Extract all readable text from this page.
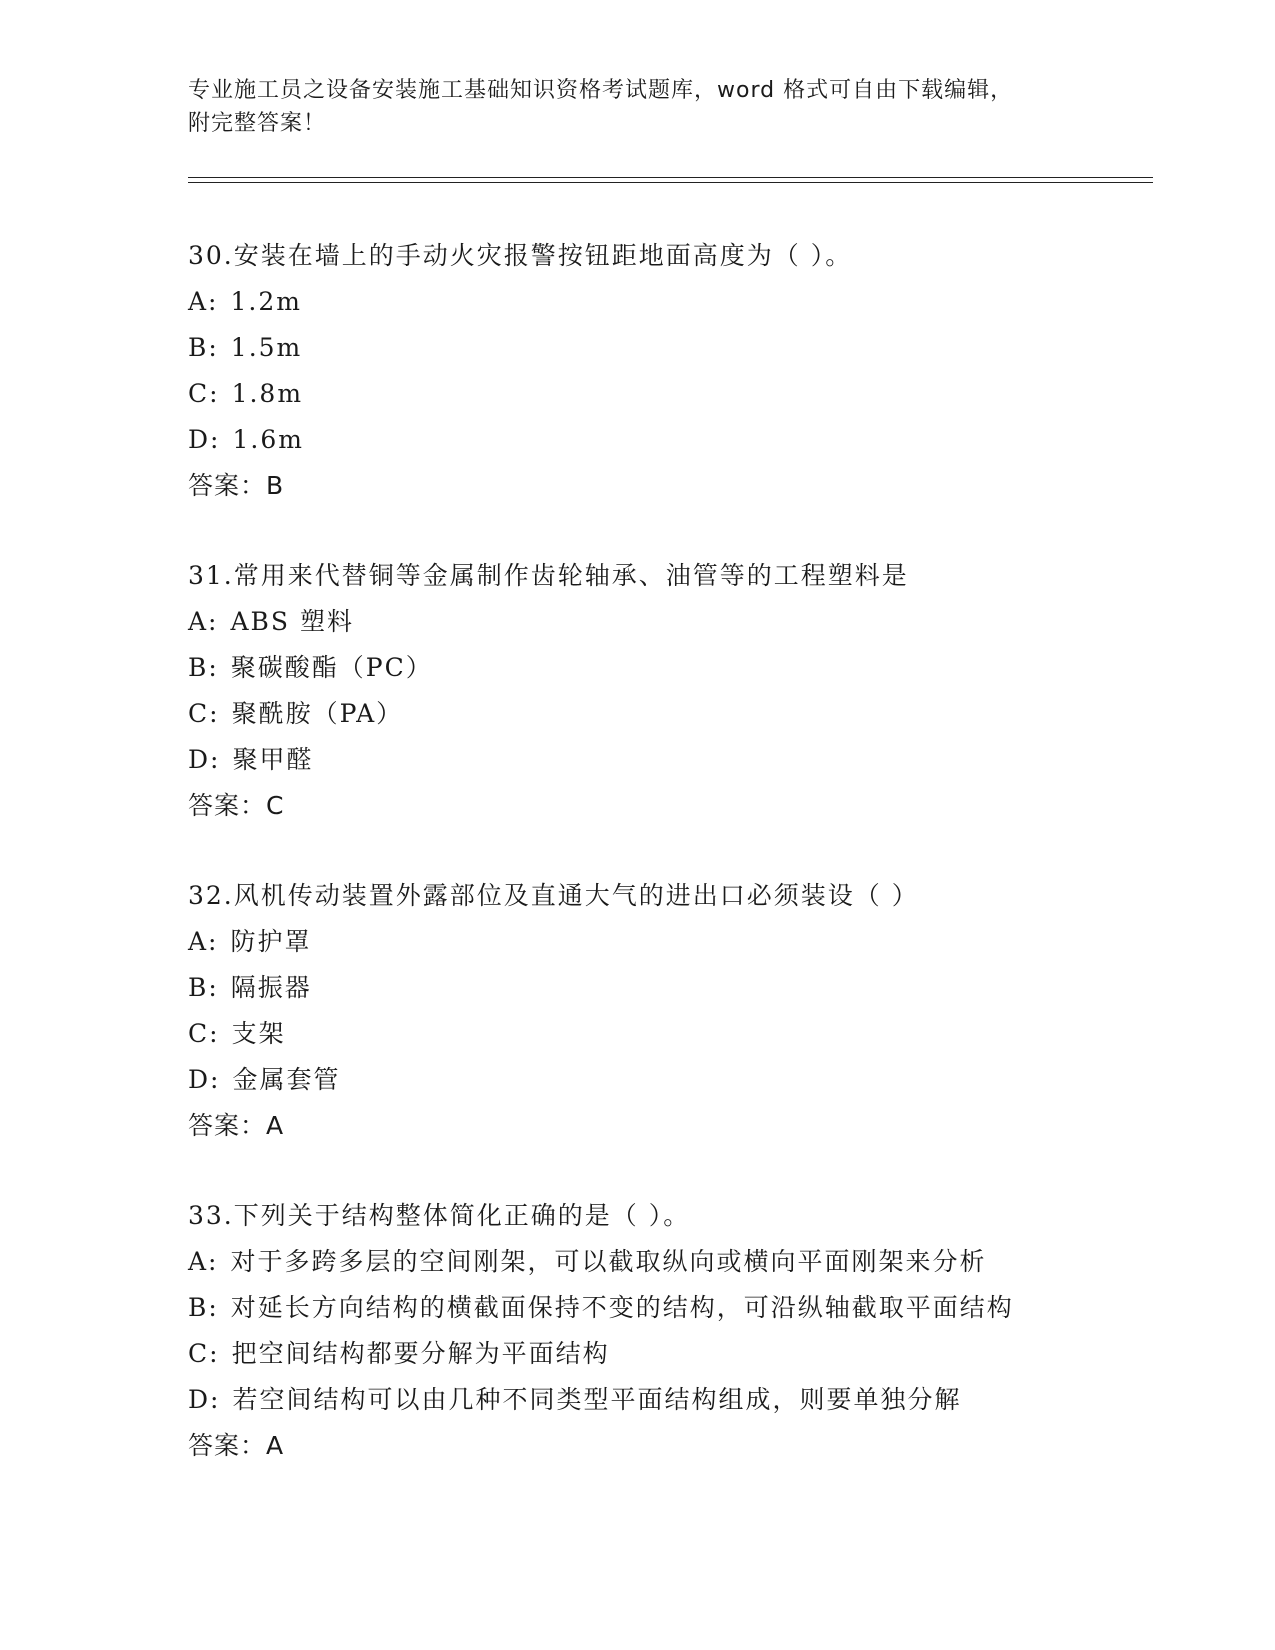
专业施工员之设备安装施工基础知识资格考试题库，word 格式可自由下载编辑，
附完整答案！
30.安装在墙上的手动火灾报警按钮距地面高度为（ ）。
A: 1.2m
B: 1.5m
C: 1.8m
D: 1.6m
答案：B
31.常用来代替铜等金属制作齿轮轴承、油管等的工程塑料是
A: ABS 塑料
B: 聚碳酸酯（PC）
C: 聚酰胺（PA）
D: 聚甲醛
答案：C
32.风机传动装置外露部位及直通大气的进出口必须装设（ ）
A: 防护罩
B: 隔振器
C: 支架
D: 金属套管
答案：A
33.下列关于结构整体简化正确的是（ ）。
A: 对于多跨多层的空间刚架，可以截取纵向或横向平面刚架来分析
B: 对延长方向结构的横截面保持不变的结构，可沿纵轴截取平面结构
C: 把空间结构都要分解为平面结构
D: 若空间结构可以由几种不同类型平面结构组成，则要单独分解
答案：A
